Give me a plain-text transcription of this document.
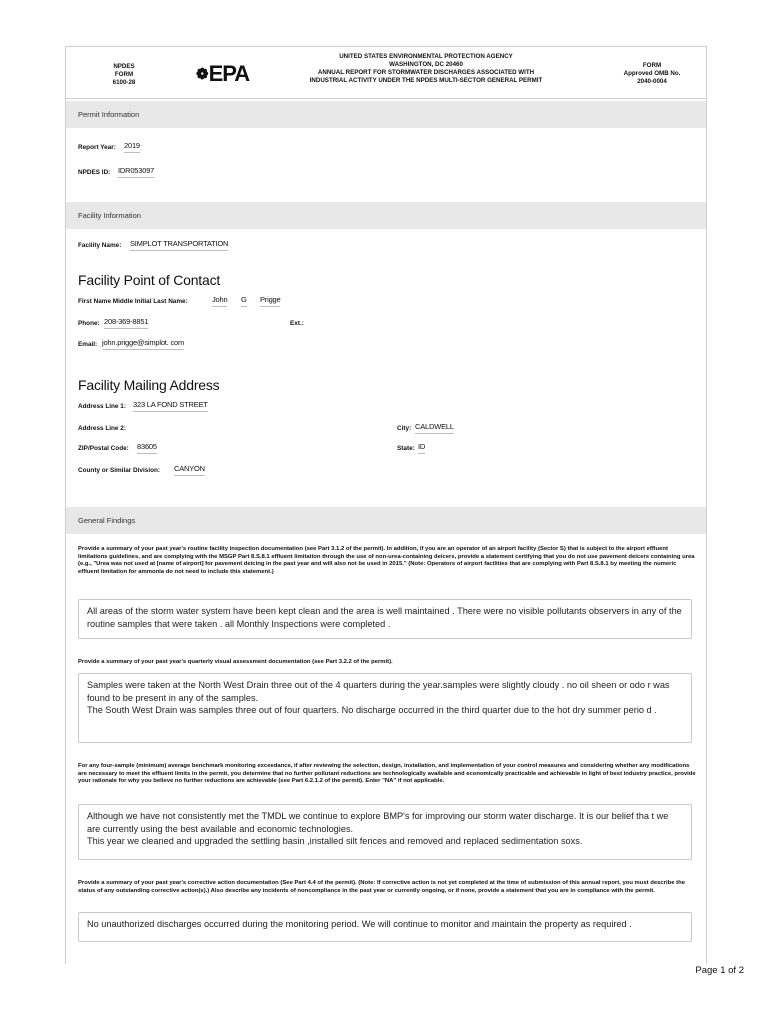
NPDES
FORM
6100-28	❁EPA
UNITED STATES ENVIRONMENTAL PROTECTION AGENCY
WASHINGTON, DC 20460
ANNUAL REPORT FOR STORMWATER DISCHARGES ASSOCIATED WITH
INDUSTRIAL ACTIVITY UNDER THE NPDES MULTI-SECTOR GENERAL PERMIT
FORM
Approved OMB No.
2040-0004
Permit Information
Report Year: 2019
NPDES ID: IDR053097
Facility Information
Facility Name: SIMPLOT TRANSPORTATION
Facility Point of Contact
First Name Middle Initial Last Name:	John G Prigge
Phone: 208-369-8851	Ext.:
Email: john.prigge@simplot. com
Facility Mailing Address
Address Line 1: 323 LA FOND STREET
Address Line 2:	City: CALDWELL
ZIP/Postal Code: 83605	State: ID
County or Similar Division: CANYON
General Findings
Provide a summary of your past year's routine facility inspection documentation (see Part 3.1.2 of the permit). In addition, if you are an operator of an airport facility (Sector S) that is subject to the airport effluent limitations guidelines, and are complying with the MSGP Part 8.S.8.1 effluent limitation through the use of non-urea-containing deicers, provide a statement certifying that you do not use pavement deicers containing urea (e.g., "Urea was not used at [name of airport] for pavement deicing in the past year and will also not be used in 2015." (Note: Operators of airport facilities that are complying with Part 8.S.8.1 by meeting the numeric effluent limitation for ammonia do not need to include this statement.)
All areas of the storm water system have been kept clean and the area is well maintained . There were no visible pollutants observers in any of the routine samples that were taken . all Monthly Inspections were completed .
Provide a summary of your past year's quarterly visual assessment documentation (see Part 3.2.2 of the permit).
Samples were taken at the North West Drain three out of the 4 quarters during the year.samples were slightly cloudy . no oil sheen or odo r was found to be present in any of the samples.
The South West Drain was samples three out of four quarters. No discharge occurred in the third quarter due to the hot dry summer perio d .
For any four-sample (minimum) average benchmark monitoring exceedance, if after reviewing the selection, design, installation, and implementation of your control measures and considering whether any modifications are necessary to meet the effluent limits in the permit, you determine that no further pollutant reductions are technologically available and economically practicable and achievable in light of best industry practice, provide your rationale for why you believe no further reductions are achievable (see Part 6.2.1.2 of the permit). Enter "NA" if not applicable.
Although we have not consistently met the TMDL we continue to explore BMP's for improving our storm water discharge. It is our belief tha t we are currently using the best available and economic technologies.
This year we cleaned and upgraded the settling basin ,installed silt fences and removed and replaced sedimentation soxs.
Provide a summary of your past year's corrective action documentation (See Part 4.4 of the permit). (Note: If corrective action is not yet completed at the time of submission of this annual report, you must describe the status of any outstanding corrective action(s).) Also describe any incidents of noncompliance in the past year or currently ongoing, or if none, provide a statement that you are in compliance with the permit.
No unauthorized discharges occurred during the monitoring period. We will continue to monitor and maintain the property as required .
Page 1 of 2
